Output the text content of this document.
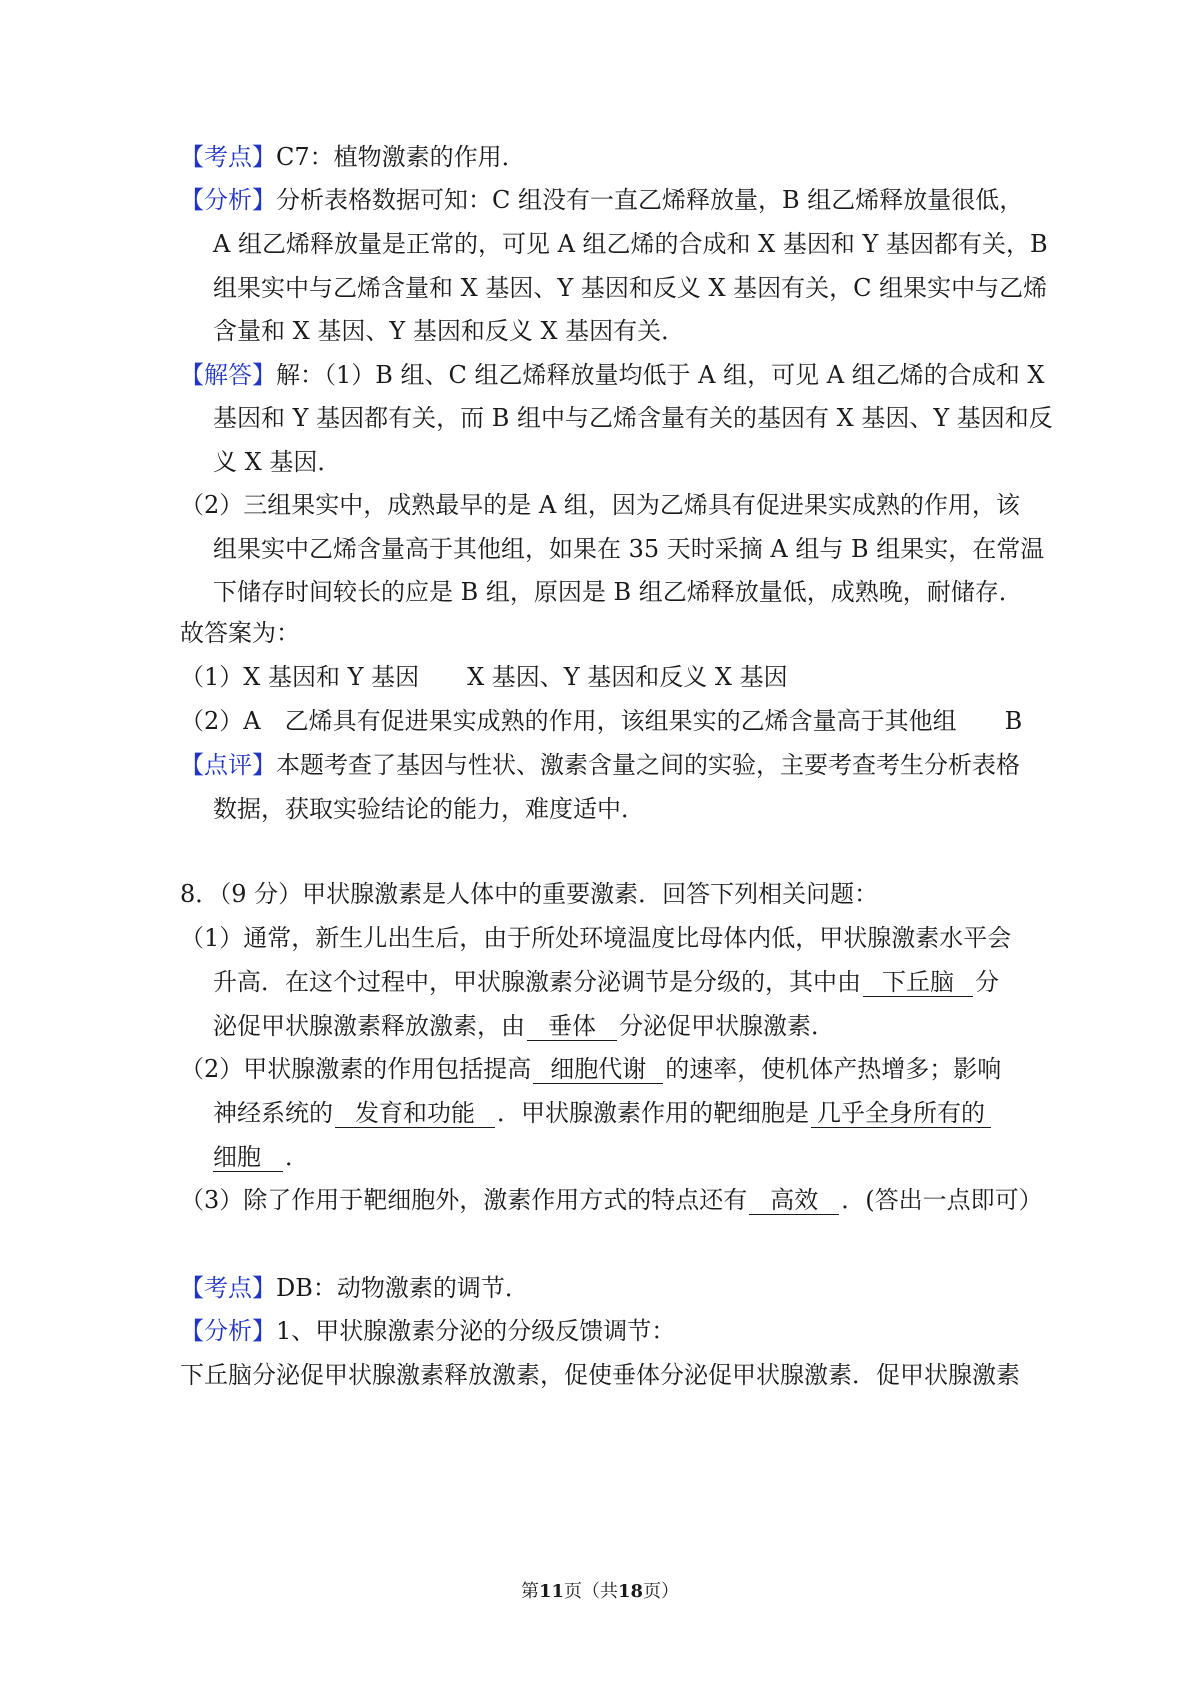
【考点】C7：植物激素的作用．
【分析】分析表格数据可知：C 组没有一直乙烯释放量，B 组乙烯释放量很低，
A 组乙烯释放量是正常的，可见 A 组乙烯的合成和 X 基因和 Y 基因都有关，B
组果实中与乙烯含量和 X 基因、Y 基因和反义 X 基因有关，C 组果实中与乙烯
含量和 X 基因、Y 基因和反义 X 基因有关．
【解答】解：（1）B 组、C 组乙烯释放量均低于 A 组，可见 A 组乙烯的合成和 X
基因和 Y 基因都有关，而 B 组中与乙烯含量有关的基因有 X 基因、Y 基因和反
义 X 基因．
（2）三组果实中，成熟最早的是 A 组，因为乙烯具有促进果实成熟的作用，该
组果实中乙烯含量高于其他组，如果在 35 天时采摘 A 组与 B 组果实，在常温
下储存时间较长的应是 B 组，原因是 B 组乙烯释放量低，成熟晚，耐储存．
故答案为：
（1）X 基因和 Y 基因　　X 基因、Y 基因和反义 X 基因
（2）A　乙烯具有促进果实成熟的作用，该组果实的乙烯含量高于其他组　　B
【点评】本题考查了基因与性状、激素含量之间的实验，主要考查考生分析表格
数据，获取实验结论的能力，难度适中．
8．（9 分）甲状腺激素是人体中的重要激素．回答下列相关问题：
（1）通常，新生儿出生后，由于所处环境温度比母体内低，甲状腺激素水平会
升高．在这个过程中，甲状腺激素分泌调节是分级的，其中由 下丘脑 分
泌促甲状腺激素释放激素，由 垂体 分泌促甲状腺激素．
（2）甲状腺激素的作用包括提高 细胞代谢 的速率，使机体产热增多；影响
神经系统的 发育和功能 ．甲状腺激素作用的靶细胞是 几乎全身所有的
细胞 ．
（3）除了作用于靶细胞外，激素作用方式的特点还有 高效 ．(答出一点即可）
【考点】DB：动物激素的调节．
【分析】1、甲状腺激素分泌的分级反馈调节：
下丘脑分泌促甲状腺激素释放激素，促使垂体分泌促甲状腺激素．促甲状腺激素
第11页（共18页）
